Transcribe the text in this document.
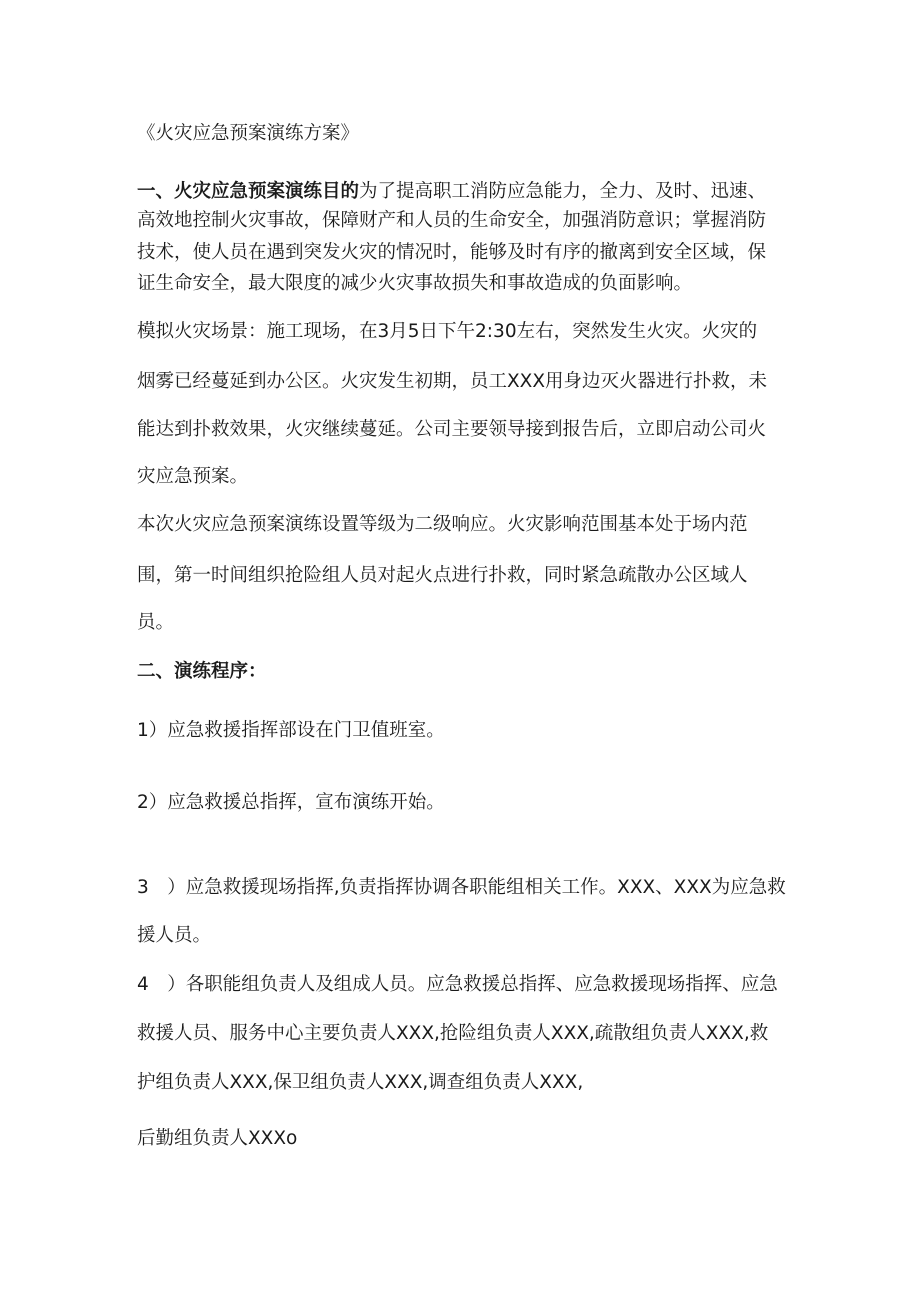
《火灾应急预案演练方案》

一、火灾应急预案演练目的为了提高职工消防应急能力，全力、及时、迅速、

高效地控制火灾事故，保障财产和人员的生命安全，加强消防意识；掌握消防

技术，使人员在遇到突发火灾的情况时，能够及时有序的撤离到安全区域，保

证生命安全，最大限度的减少火灾事故损失和事故造成的负面影响。

模拟火灾场景：施工现场，在3月5日下午2:30左右，突然发生火灾。火灾的

烟雾已经蔓延到办公区。火灾发生初期，员工XXX用身边灭火器进行扑救，未

能达到扑救效果，火灾继续蔓延。公司主要领导接到报告后，立即启动公司火

灾应急预案。

本次火灾应急预案演练设置等级为二级响应。火灾影响范围基本处于场内范

围，第一时间组织抢险组人员对起火点进行扑救，同时紧急疏散办公区域人

员。

二、演练程序：

1）应急救援指挥部设在门卫值班室。

2）应急救援总指挥，宣布演练开始。

3　）应急救援现场指挥,负责指挥协调各职能组相关工作。XXX、XXX为应急救

援人员。

4　）各职能组负责人及组成人员。应急救援总指挥、应急救援现场指挥、应急

救援人员、服务中心主要负责人XXX,抢险组负责人XXX,疏散组负责人XXX,救

护组负责人XXX,保卫组负责人XXX,调查组负责人XXX,

后勤组负责人XXXo
